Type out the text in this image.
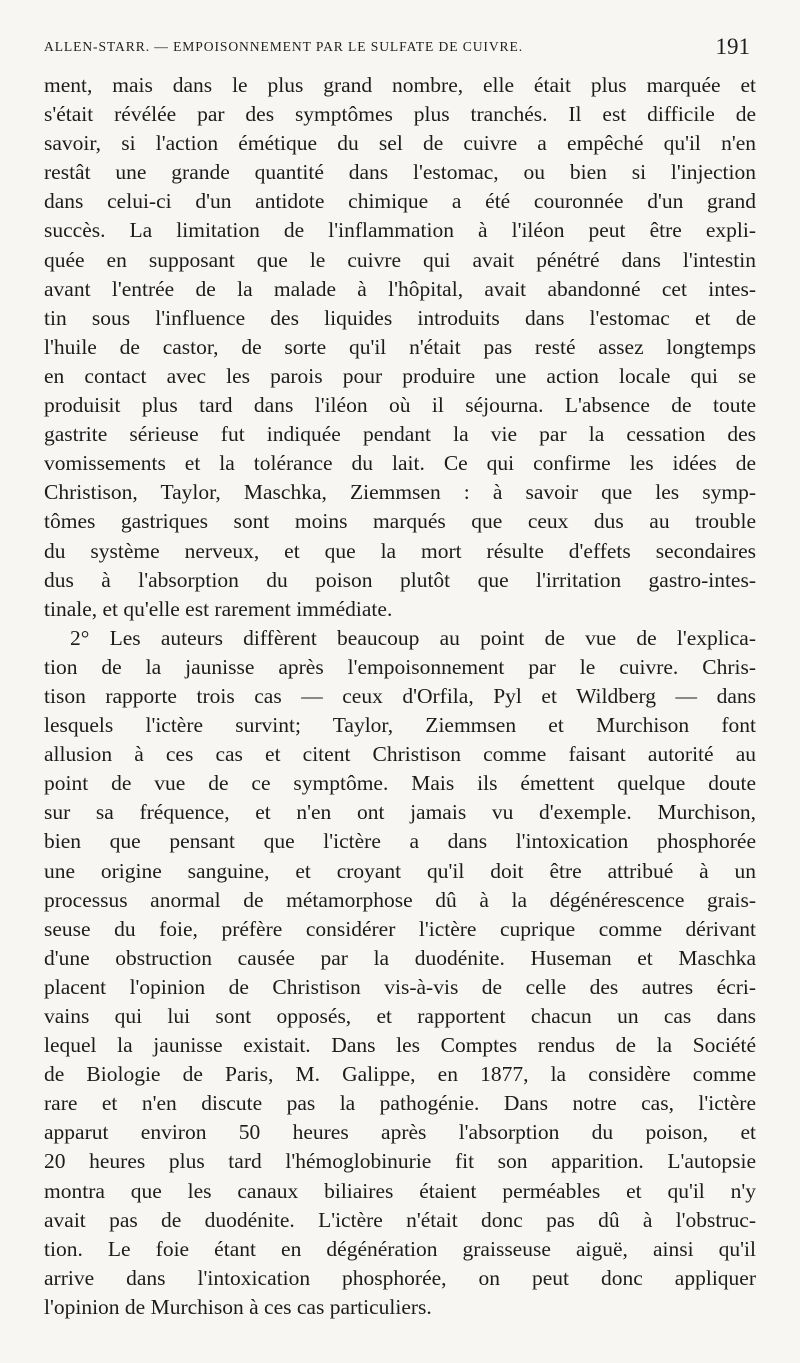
ALLEN-STARR. — EMPOISONNEMENT PAR LE SULFATE DE CUIVRE.	191
ment, mais dans le plus grand nombre, elle était plus marquée et
s'était révélée par des symptômes plus tranchés. Il est difficile de
savoir, si l'action émétique du sel de cuivre a empêché qu'il n'en
restât une grande quantité dans l'estomac, ou bien si l'injection
dans celui-ci d'un antidote chimique a été couronnée d'un grand
succès. La limitation de l'inflammation à l'iléon peut être expli-
quée en supposant que le cuivre qui avait pénétré dans l'intestin
avant l'entrée de la malade à l'hôpital, avait abandonné cet intes-
tin sous l'influence des liquides introduits dans l'estomac et de
l'huile de castor, de sorte qu'il n'était pas resté assez longtemps
en contact avec les parois pour produire une action locale qui se
produisit plus tard dans l'iléon où il séjourna. L'absence de toute
gastrite sérieuse fut indiquée pendant la vie par la cessation des
vomissements et la tolérance du lait. Ce qui confirme les idées de
Christison, Taylor, Maschka, Ziemmsen : à savoir que les symp-
tômes gastriques sont moins marqués que ceux dus au trouble
du système nerveux, et que la mort résulte d'effets secondaires
dus à l'absorption du poison plutôt que l'irritation gastro-intes-
tinale, et qu'elle est rarement immédiate.
2° Les auteurs diffèrent beaucoup au point de vue de l'explica-
tion de la jaunisse après l'empoisonnement par le cuivre. Chris-
tison rapporte trois cas — ceux d'Orfila, Pyl et Wildberg — dans
lesquels l'ictère survint; Taylor, Ziemmsen et Murchison font
allusion à ces cas et citent Christison comme faisant autorité au
point de vue de ce symptôme. Mais ils émettent quelque doute
sur sa fréquence, et n'en ont jamais vu d'exemple. Murchison,
bien que pensant que l'ictère a dans l'intoxication phosphorée
une origine sanguine, et croyant qu'il doit être attribué à un
processus anormal de métamorphose dû à la dégénérescence grais-
seuse du foie, préfère considérer l'ictère cuprique comme dérivant
d'une obstruction causée par la duodénite. Huseman et Maschka
placent l'opinion de Christison vis-à-vis de celle des autres écri-
vains qui lui sont opposés, et rapportent chacun un cas dans
lequel la jaunisse existait. Dans les Comptes rendus de la Société
de Biologie de Paris, M. Galippe, en 1877, la considère comme
rare et n'en discute pas la pathogénie. Dans notre cas, l'ictère
apparut environ 50 heures après l'absorption du poison, et
20 heures plus tard l'hémoglobinurie fit son apparition. L'autopsie
montra que les canaux biliaires étaient perméables et qu'il n'y
avait pas de duodénite. L'ictère n'était donc pas dû à l'obstruc-
tion. Le foie étant en dégénération graisseuse aiguë, ainsi qu'il
arrive dans l'intoxication phosphorée, on peut donc appliquer
l'opinion de Murchison à ces cas particuliers.
